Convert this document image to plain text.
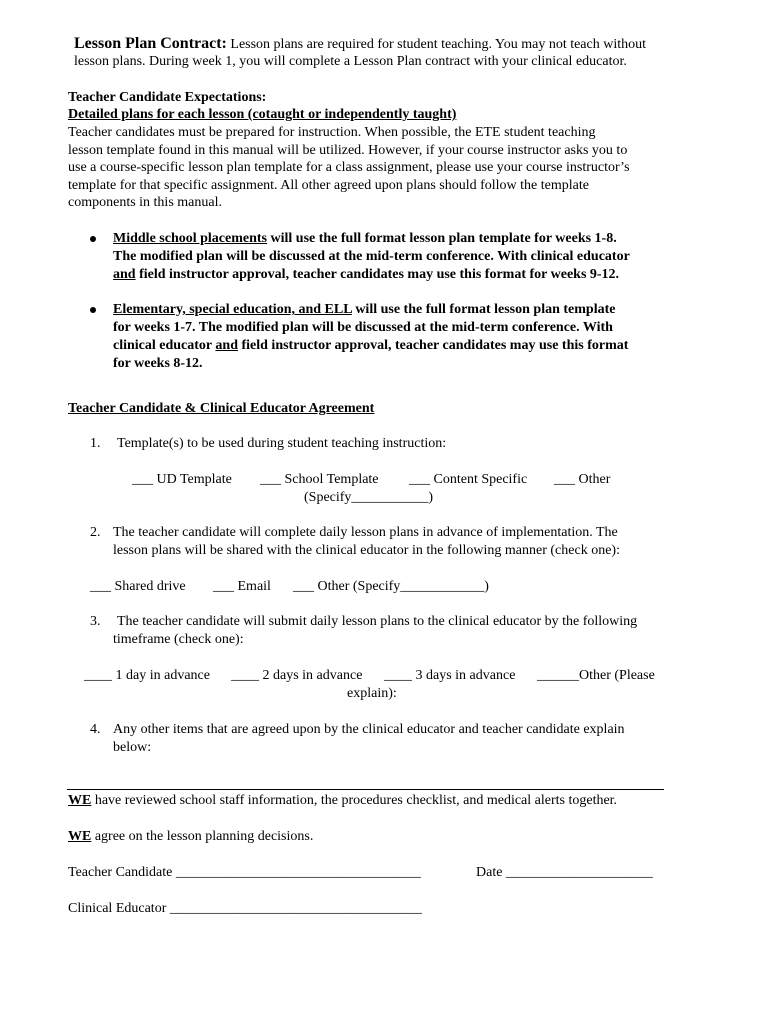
Lesson Plan Contract: Lesson plans are required for student teaching. You may not teach without
lesson plans. During week 1, you will complete a Lesson Plan contract with your clinical educator.
Teacher Candidate Expectations:
Detailed plans for each lesson (cotaught or independently taught)
Teacher candidates must be prepared for instruction. When possible, the ETE student teaching
lesson template found in this manual will be utilized. However, if your course instructor asks you to
use a course-specific lesson plan template for a class assignment, please use your course instructor’s
template for that specific assignment. All other agreed upon plans should follow the template
components in this manual.
Middle school placements will use the full format lesson plan template for weeks 1-8.
The modified plan will be discussed at the mid-term conference. With clinical educator
and field instructor approval, teacher candidates may use this format for weeks 9-12.
Elementary, special education, and ELL will use the full format lesson plan template
for weeks 1-7. The modified plan will be discussed at the mid-term conference. With
clinical educator and field instructor approval, teacher candidates may use this format
for weeks 8-12.
Teacher Candidate & Clinical Educator Agreement
1. Template(s) to be used during student teaching instruction:
___ UD Template ___ School Template ___ Content Specific ___ Other
(Specify___________)
2. The teacher candidate will complete daily lesson plans in advance of implementation. The
lesson plans will be shared with the clinical educator in the following manner (check one):
___ Shared drive ___ Email ___ Other (Specify____________)
3. The teacher candidate will submit daily lesson plans to the clinical educator by the following
timeframe (check one):
____ 1 day in advance ____ 2 days in advance ____ 3 days in advance ______Other (Please
explain):
4. Any other items that are agreed upon by the clinical educator and teacher candidate explain
below:
WE have reviewed school staff information, the procedures checklist, and medical alerts together.
WE agree on the lesson planning decisions.
Teacher Candidate ___________________________________	Date _____________________
Clinical Educator ____________________________________
